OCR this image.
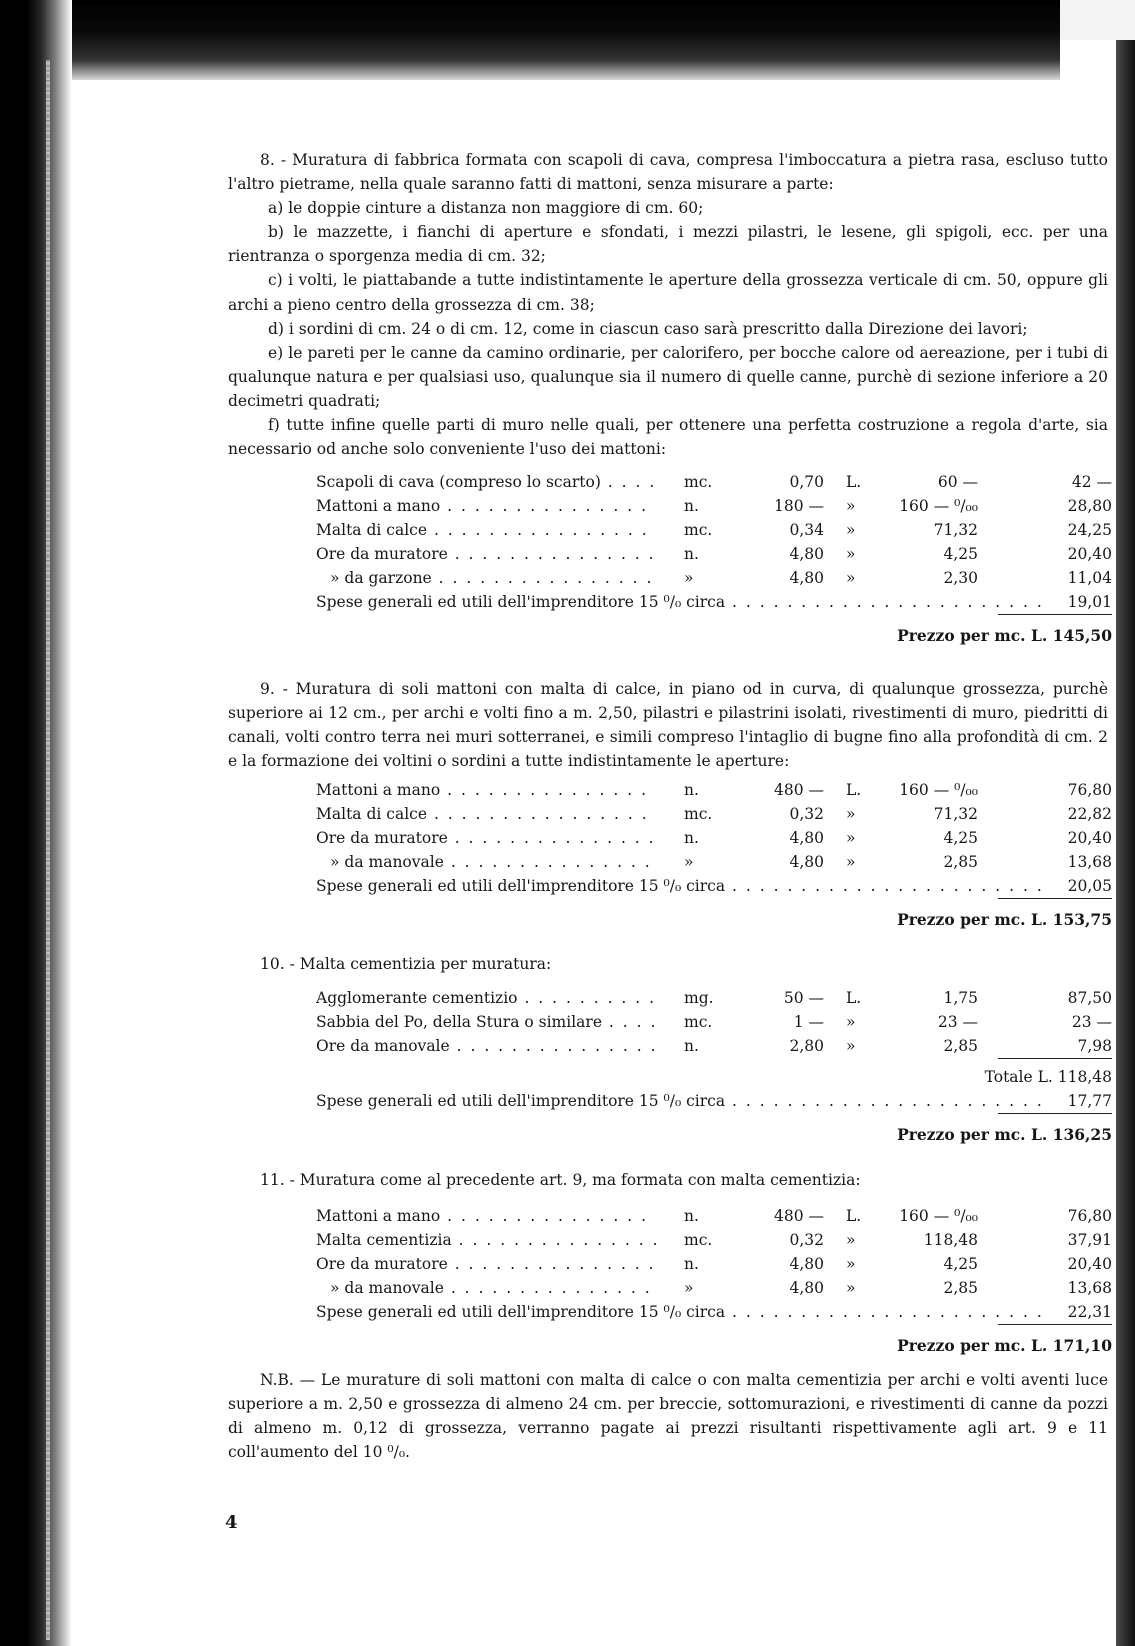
8. - Muratura di fabbrica formata con scapoli di cava, compresa l'imboccatura a pietra rasa, escluso tutto l'altro pietrame, nella quale saranno fatti di mattoni, senza misurare a parte:

a) le doppie cinture a distanza non maggiore di cm. 60;

b) le mazzette, i fianchi di aperture e sfondati, i mezzi pilastri, le lesene, gli spigoli, ecc. per una rientranza o sporgenza media di cm. 32;

c) i volti, le piattabande a tutte indistintamente le aperture della grossezza verticale di cm. 50, oppure gli archi a pieno centro della grossezza di cm. 38;

d) i sordini di cm. 24 o di cm. 12, come in ciascun caso sarà prescritto dalla Direzione dei lavori;

e) le pareti per le canne da camino ordinarie, per calorifero, per bocche calore od aereazione, per i tubi di qualunque natura e per qualsiasi uso, qualunque sia il numero di quelle canne, purchè di sezione inferiore a 20 decimetri quadrati;

f) tutte infine quelle parti di muro nelle quali, per ottenere una perfetta costruzione a regola d'arte, sia necessario od anche solo conveniente l'uso dei mattoni:

Scapoli di cava (compreso lo scarto) . . .	mc.	0,70 L.	60 —	42 —
Mattoni a mano . . .	n.	180 — »	160 — ⁰/₀₀	28,80
Malta di calce . . .	mc.	0,34 »	71,32	24,25
Ore da muratore . . .	n.	4,80 »	4,25	20,40
» da garzone . . .	»	4,80 »	2,30	11,04
Spese generali ed utili dell'imprenditore 15 ⁰/₀ circa . . .	19,01
Prezzo per mc. L. 145,50

9. - Muratura di soli mattoni con malta di calce, in piano od in curva, di qualunque grossezza, purchè superiore ai 12 cm., per archi e volti fino a m. 2,50, pilastri e pilastrini isolati, rivestimenti di muro, piedritti di canali, volti contro terra nei muri sotterranei, e simili compreso l'intaglio di bugne fino alla profondità di cm. 2 e la formazione dei voltini o sordini a tutte indistintamente le aperture:

Mattoni a mano . . .	n.	480 — L.	160 — ⁰/₀₀	76,80
Malta di calce . . .	mc.	0,32 »	71,32	22,82
Ore da muratore . . .	n.	4,80 »	4,25	20,40
» da manovale . . .	»	4,80 »	2,85	13,68
Spese generali ed utili dell'imprenditore 15 ⁰/₀ circa . . .	20,05
Prezzo per mc. L. 153,75

10. - Malta cementizia per muratura:

Agglomerante cementizio . . .	mg.	50 — L.	1,75	87,50
Sabbia del Po, della Stura o similare . . .	mc.	1 — »	23 —	23 —
Ore da manovale . . .	n.	2,80 »	2,85	7,98
Totale L. 118,48
Spese generali ed utili dell'imprenditore 15 ⁰/₀ circa . . .	17,77
Prezzo per mc. L. 136,25

11. - Muratura come al precedente art. 9, ma formata con malta cementizia:

Mattoni a mano . . .	n.	480 — L.	160 — ⁰/₀₀	76,80
Malta cementizia . . .	mc.	0,32 »	118,48	37,91
Ore da muratore . . .	n.	4,80 »	4,25	20,40
» da manovale . . .	»	4,80 »	2,85	13,68
Spese generali ed utili dell'imprenditore 15 ⁰/₀ circa . . .	22,31
Prezzo per mc. L. 171,10

N.B. — Le murature di soli mattoni con malta di calce o con malta cementizia per archi e volti aventi luce superiore a m. 2,50 e grossezza di almeno 24 cm. per breccie, sottomurazioni, e rivestimenti di canne da pozzi di almeno m. 0,12 di grossezza, verranno pagate ai prezzi risultanti rispettivamente agli art. 9 e 11 coll'aumento del 10 ⁰/₀.

4
